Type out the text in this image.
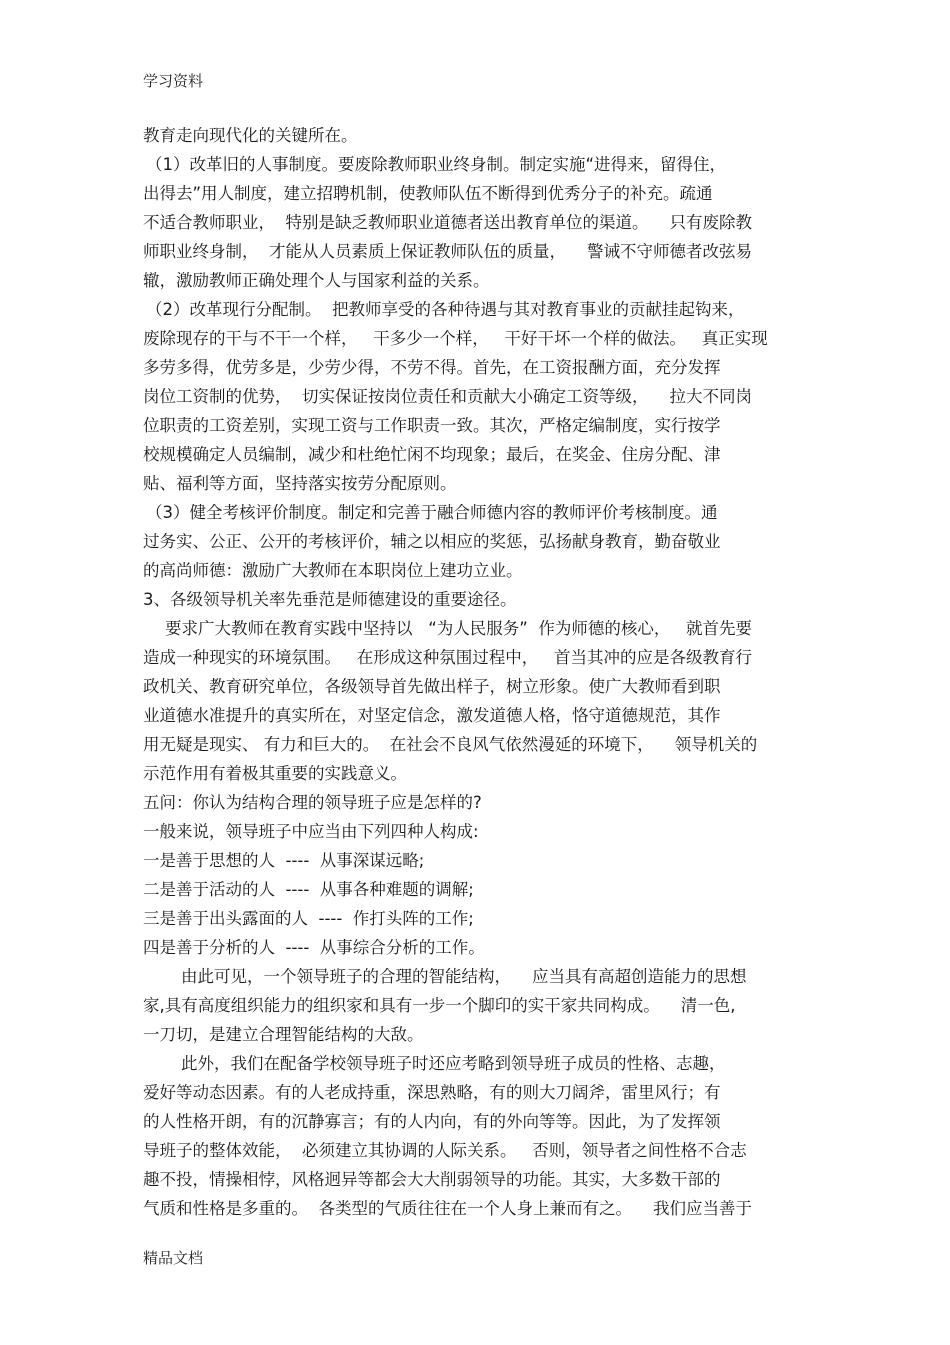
学习资料
教育走向现代化的关键所在。
（1）改革旧的人事制度。要废除教师职业终身制。制定实施“进得来，留得住，
出得去”用人制度，建立招聘机制，使教师队伍不断得到优秀分子的补充。疏通
不适合教师职业，  特别是缺乏教师职业道德者送出教育单位的渠道。    只有废除教
师职业终身制，  才能从人员素质上保证教师队伍的质量，    警诫不守师德者改弦易
辙，激励教师正确处理个人与国家利益的关系。
（2）改革现行分配制。  把教师享受的各种待遇与其对教育事业的贡献挂起钩来，
废除现存的干与不干一个样，   干多少一个样，   干好干坏一个样的做法。   真正实现
多劳多得，优劳多是，少劳少得，不劳不得。首先，在工资报酬方面，充分发挥
岗位工资制的优势，  切实保证按岗位责任和贡献大小确定工资等级，    拉大不同岗
位职责的工资差别，实现工资与工作职责一致。其次，严格定编制度，实行按学
校规模确定人员编制，减少和杜绝忙闲不均现象；最后，在奖金、住房分配、津
贴、福利等方面，坚持落实按劳分配原则。
（3）健全考核评价制度。制定和完善于融合师德内容的教师评价考核制度。通
过务实、公正、公开的考核评价，辅之以相应的奖惩，弘扬献身教育，勤奋敬业
的高尚师德：激励广大教师在本职岗位上建功立业。
3、各级领导机关率先垂范是师德建设的重要途径。
要求广大教师在教育实践中坚持以   “为人民服务”  作为师德的核心，   就首先要
造成一种现实的环境氛围。   在形成这种氛围过程中，   首当其冲的应是各级教育行
政机关、教育研究单位，各级领导首先做出样子，树立形象。使广大教师看到职
业道德水准提升的真实所在，对坚定信念，激发道德人格，恪守道德规范，其作
用无疑是现实、 有力和巨大的。  在社会不良风气依然漫延的环境下，    领导机关的
示范作用有着极其重要的实践意义。
五问：你认为结构合理的领导班子应是怎样的?
一般来说，领导班子中应当由下列四种人构成:
一是善于思想的人  ----  从事深谋远略;
二是善于活动的人  ----  从事各种难题的调解;
三是善于出头露面的人  ----  作打头阵的工作;
四是善于分析的人  ----  从事综合分析的工作。
由此可见，一个领导班子的合理的智能结构，    应当具有高超创造能力的思想
家,具有高度组织能力的组织家和具有一步一个脚印的实干家共同构成。    清一色,
一刀切，是建立合理智能结构的大敌。
此外，我们在配备学校领导班子时还应考略到领导班子成员的性格、志趣，
爱好等动态因素。有的人老成持重，深思熟略，有的则大刀阔斧，雷里风行；有
的人性格开朗，有的沉静寡言；有的人内向，有的外向等等。因此，为了发挥领
导班子的整体效能，  必须建立其协调的人际关系。   否则，领导者之间性格不合志
趣不投，情操相悖，风格迥异等都会大大削弱领导的功能。其实，大多数干部的
气质和性格是多重的。  各类型的气质往往在一个人身上兼而有之。    我们应当善于
精品文档
